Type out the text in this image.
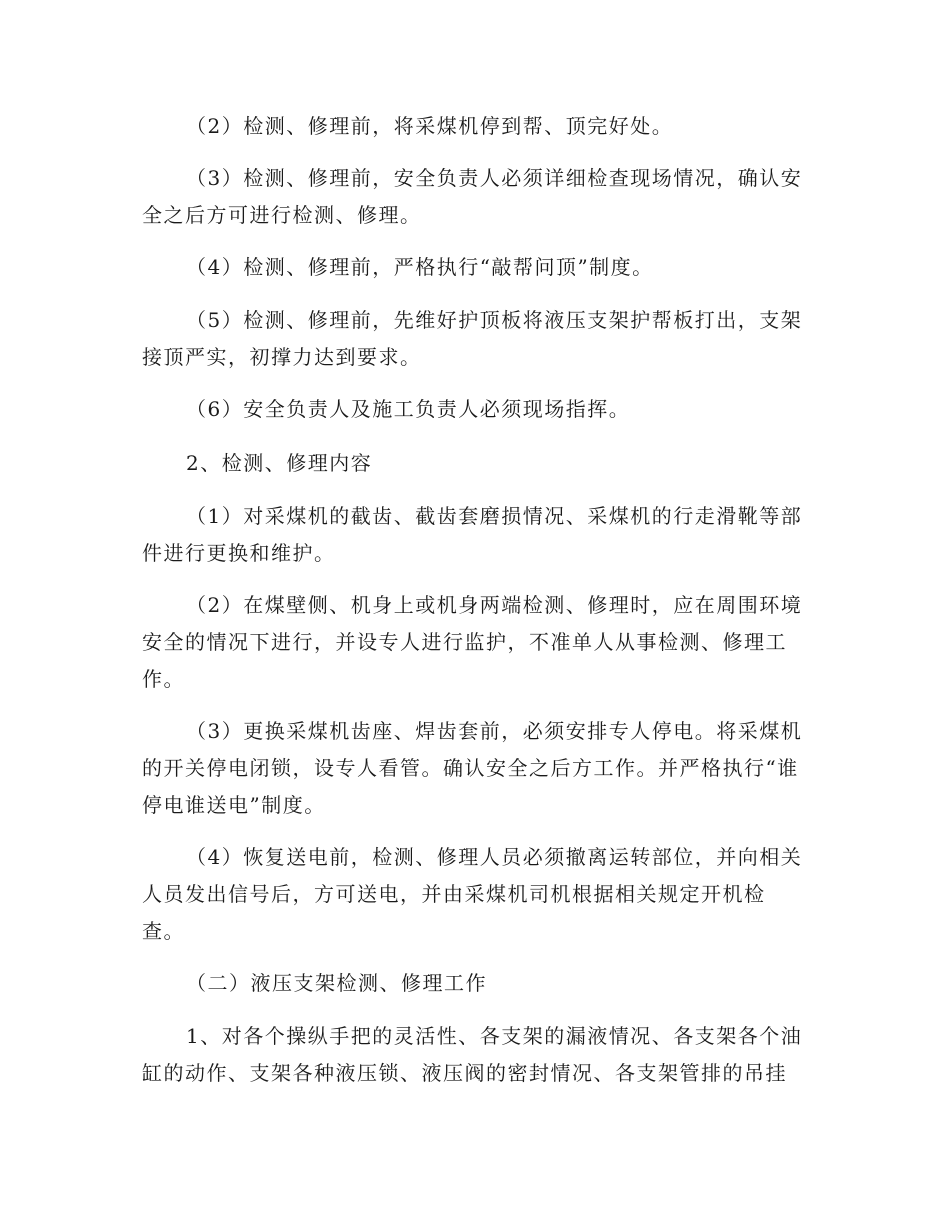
（2）检测、修理前，将采煤机停到帮、顶完好处。

（3）检测、修理前，安全负责人必须详细检查现场情况，确认安全之后方可进行检测、修理。

（4）检测、修理前，严格执行“敲帮问顶”制度。

（5）检测、修理前，先维好护顶板将液压支架护帮板打出，支架接顶严实，初撑力达到要求。

（6）安全负责人及施工负责人必须现场指挥。

2、检测、修理内容

（1）对采煤机的截齿、截齿套磨损情况、采煤机的行走滑靴等部件进行更换和维护。

（2）在煤壁侧、机身上或机身两端检测、修理时，应在周围环境安全的情况下进行，并设专人进行监护，不准单人从事检测、修理工作。

（3）更换采煤机齿座、焊齿套前，必须安排专人停电。将采煤机的开关停电闭锁，设专人看管。确认安全之后方工作。并严格执行“谁停电谁送电”制度。

（4）恢复送电前，检测、修理人员必须撤离运转部位，并向相关人员发出信号后，方可送电，并由采煤机司机根据相关规定开机检查。

（二）液压支架检测、修理工作

1、对各个操纵手把的灵活性、各支架的漏液情况、各支架各个油缸的动作、支架各种液压锁、液压阀的密封情况、各支架管排的吊挂
